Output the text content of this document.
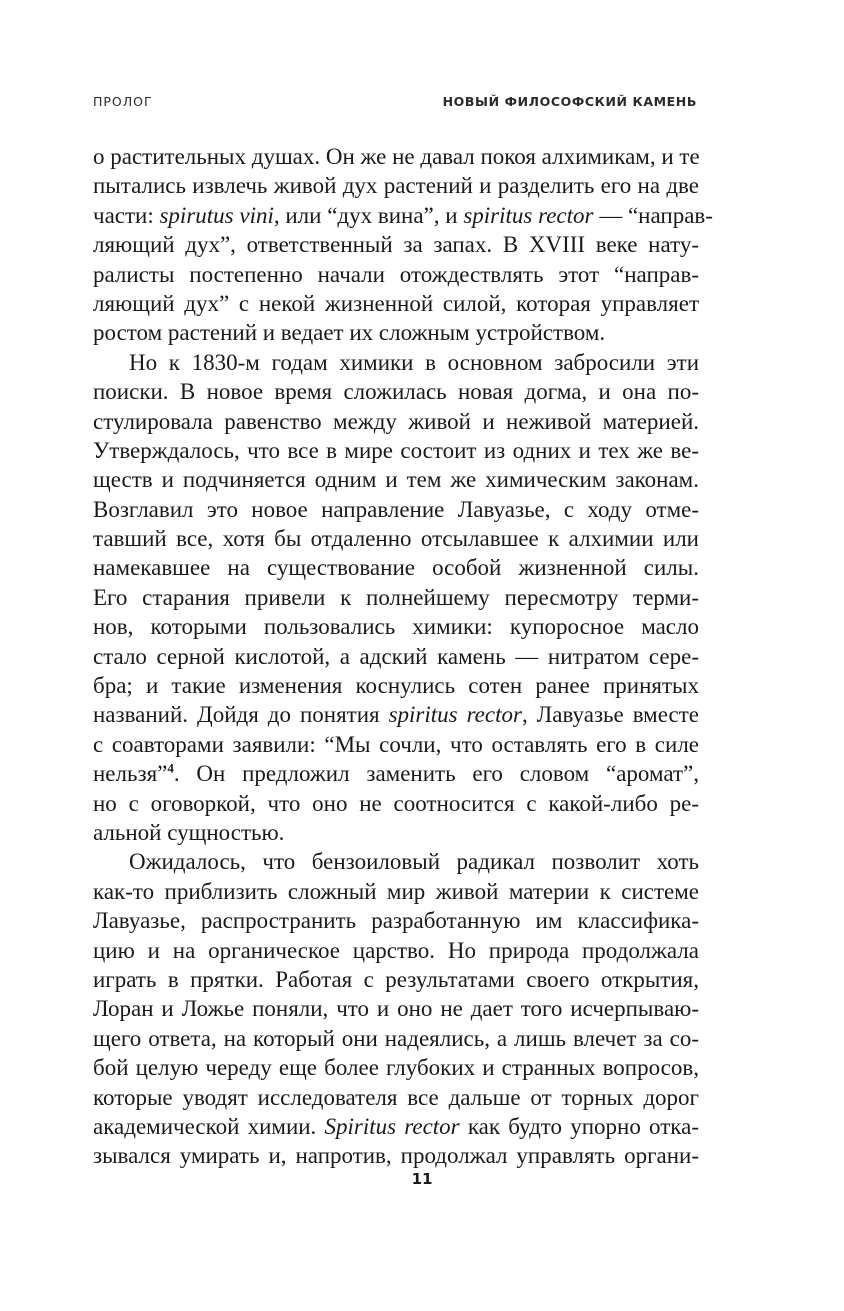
ПРОЛОГ	НОВЫЙ ФИЛОСОФСКИЙ КАМЕНЬ
о растительных душах. Он же не давал покоя алхимикам, и те
пытались извлечь живой дух растений и разделить его на две
части: spirutus vini, или “дух вина”, и spiritus rector — “направ-
ляющий дух”, ответственный за запах. В XVIII веке нату-
ралисты постепенно начали отождествлять этот “направ-
ляющий дух” с некой жизненной силой, которая управляет
ростом растений и ведает их сложным устройством.
Но к 1830-м годам химики в основном забросили эти
поиски. В новое время сложилась новая догма, и она по-
стулировала равенство между живой и неживой материей.
Утверждалось, что все в мире состоит из одних и тех же ве-
ществ и подчиняется одним и тем же химическим законам.
Возглавил это новое направление Лавуазье, с ходу отме-
тавший все, хотя бы отдаленно отсылавшее к алхимии или
намекавшее на существование особой жизненной силы.
Его старания привели к полнейшему пересмотру терми-
нов, которыми пользовались химики: купоросное масло
стало серной кислотой, а адский камень — нитратом сере-
бра; и такие изменения коснулись сотен ранее принятых
названий. Дойдя до понятия spiritus rector, Лавуазье вместе
с соавторами заявили: “Мы сочли, что оставлять его в силе
нельзя”$^4$. Он предложил заменить его словом “аромат”,
но с оговоркой, что оно не соотносится с какой-либо ре-
альной сущностью.
Ожидалось, что бензоиловый радикал позволит хоть
как-то приблизить сложный мир живой материи к системе
Лавуазье, распространить разработанную им классифика-
цию и на органическое царство. Но природа продолжала
играть в прятки. Работая с результатами своего открытия,
Лоран и Ложье поняли, что и оно не дает того исчерпываю-
щего ответа, на который они надеялись, а лишь влечет за со-
бой целую череду еще более глубоких и странных вопросов,
которые уводят исследователя все дальше от торных дорог
академической химии. Spiritus rector как будто упорно отка-
зывался умирать и, напротив, продолжал управлять органи-
11
